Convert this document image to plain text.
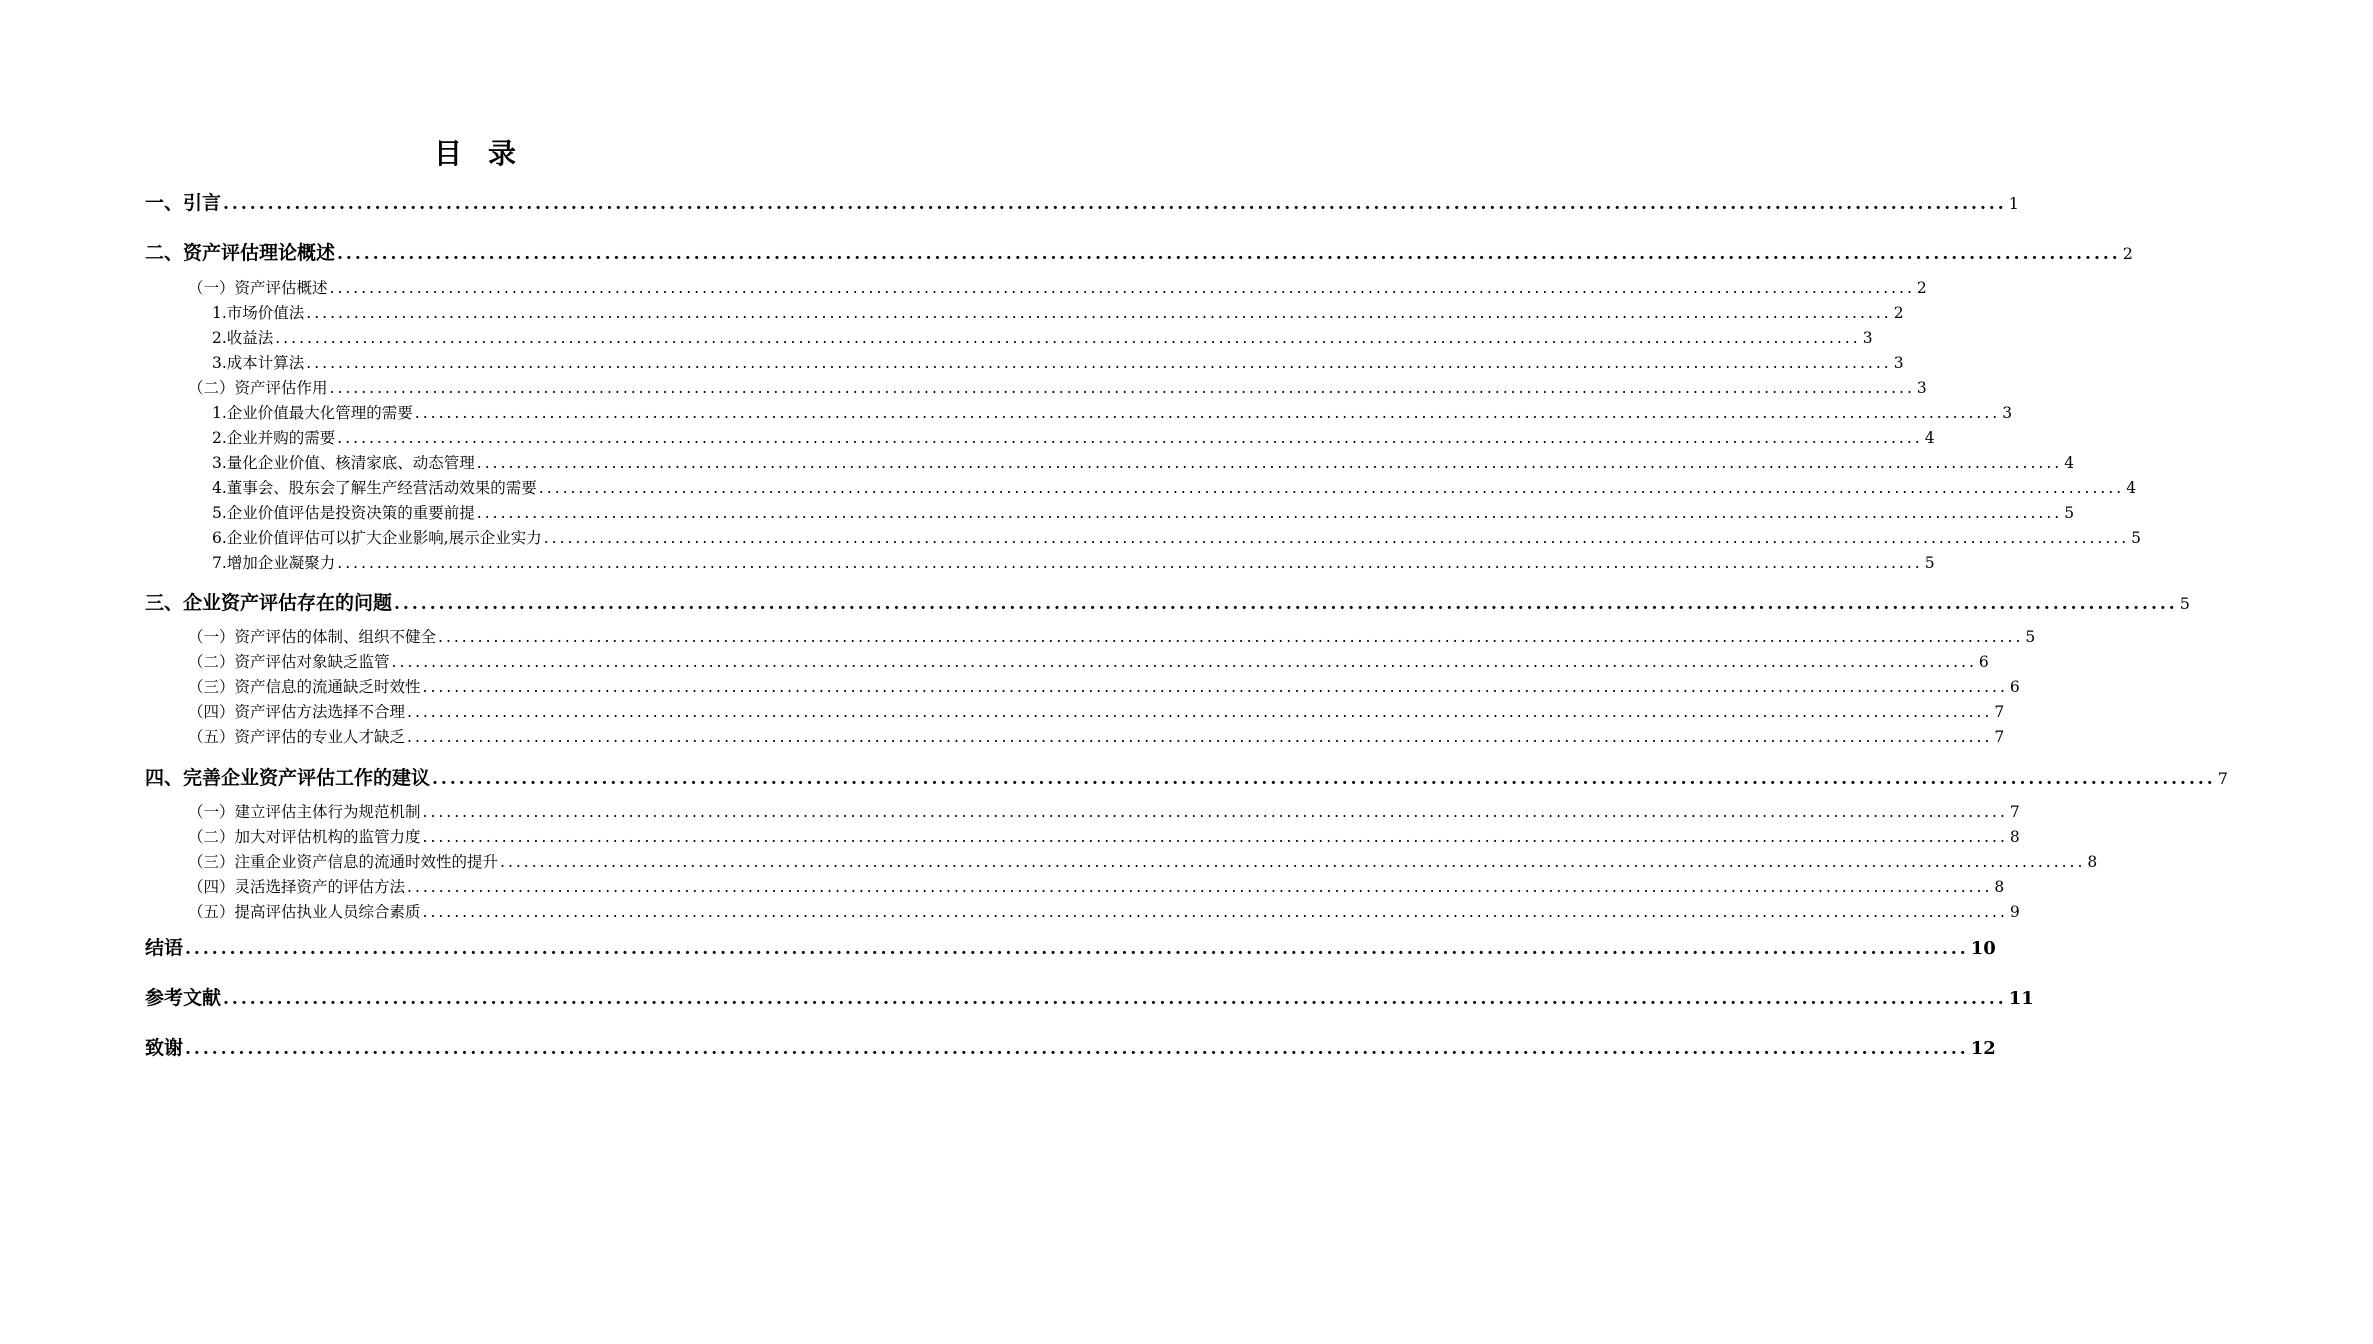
目 录
一、引言 ........................................................................................................................................................................................................ 1
二、资产评估理论概述 ........................................................................................................................................................................................................ 2
（一）资产评估概述 ........................................................................................................................................................................................................ 2
1.市场价值法 ........................................................................................................................................................................................................ 2
2.收益法 ........................................................................................................................................................................................................ 3
3.成本计算法 ........................................................................................................................................................................................................ 3
（二）资产评估作用 ........................................................................................................................................................................................................ 3
1.企业价值最大化管理的需要 ........................................................................................................................................................................................................ 3
2.企业并购的需要 ........................................................................................................................................................................................................ 4
3.量化企业价值、核清家底、动态管理 ........................................................................................................................................................................................................ 4
4.董事会、股东会了解生产经营活动效果的需要 ........................................................................................................................................................................................................ 4
5.企业价值评估是投资决策的重要前提 ........................................................................................................................................................................................................ 5
6.企业价值评估可以扩大企业影响,展示企业实力 ........................................................................................................................................................................................................ 5
7.增加企业凝聚力 ........................................................................................................................................................................................................ 5
三、企业资产评估存在的问题 ........................................................................................................................................................................................................ 5
（一）资产评估的体制、组织不健全 ........................................................................................................................................................................................................ 5
（二）资产评估对象缺乏监管 ........................................................................................................................................................................................................ 6
（三）资产信息的流通缺乏时效性 ........................................................................................................................................................................................................ 6
（四）资产评估方法选择不合理 ........................................................................................................................................................................................................ 7
（五）资产评估的专业人才缺乏 ........................................................................................................................................................................................................ 7
四、完善企业资产评估工作的建议 ........................................................................................................................................................................................................ 7
（一）建立评估主体行为规范机制 ........................................................................................................................................................................................................ 7
（二）加大对评估机构的监管力度 ........................................................................................................................................................................................................ 8
（三）注重企业资产信息的流通时效性的提升 ........................................................................................................................................................................................................ 8
（四）灵活选择资产的评估方法 ........................................................................................................................................................................................................ 8
（五）提高评估执业人员综合素质 ........................................................................................................................................................................................................ 9
结语 ........................................................................................................................................................................................................ 10
参考文献 ........................................................................................................................................................................................................ 11
致谢 ........................................................................................................................................................................................................ 12
